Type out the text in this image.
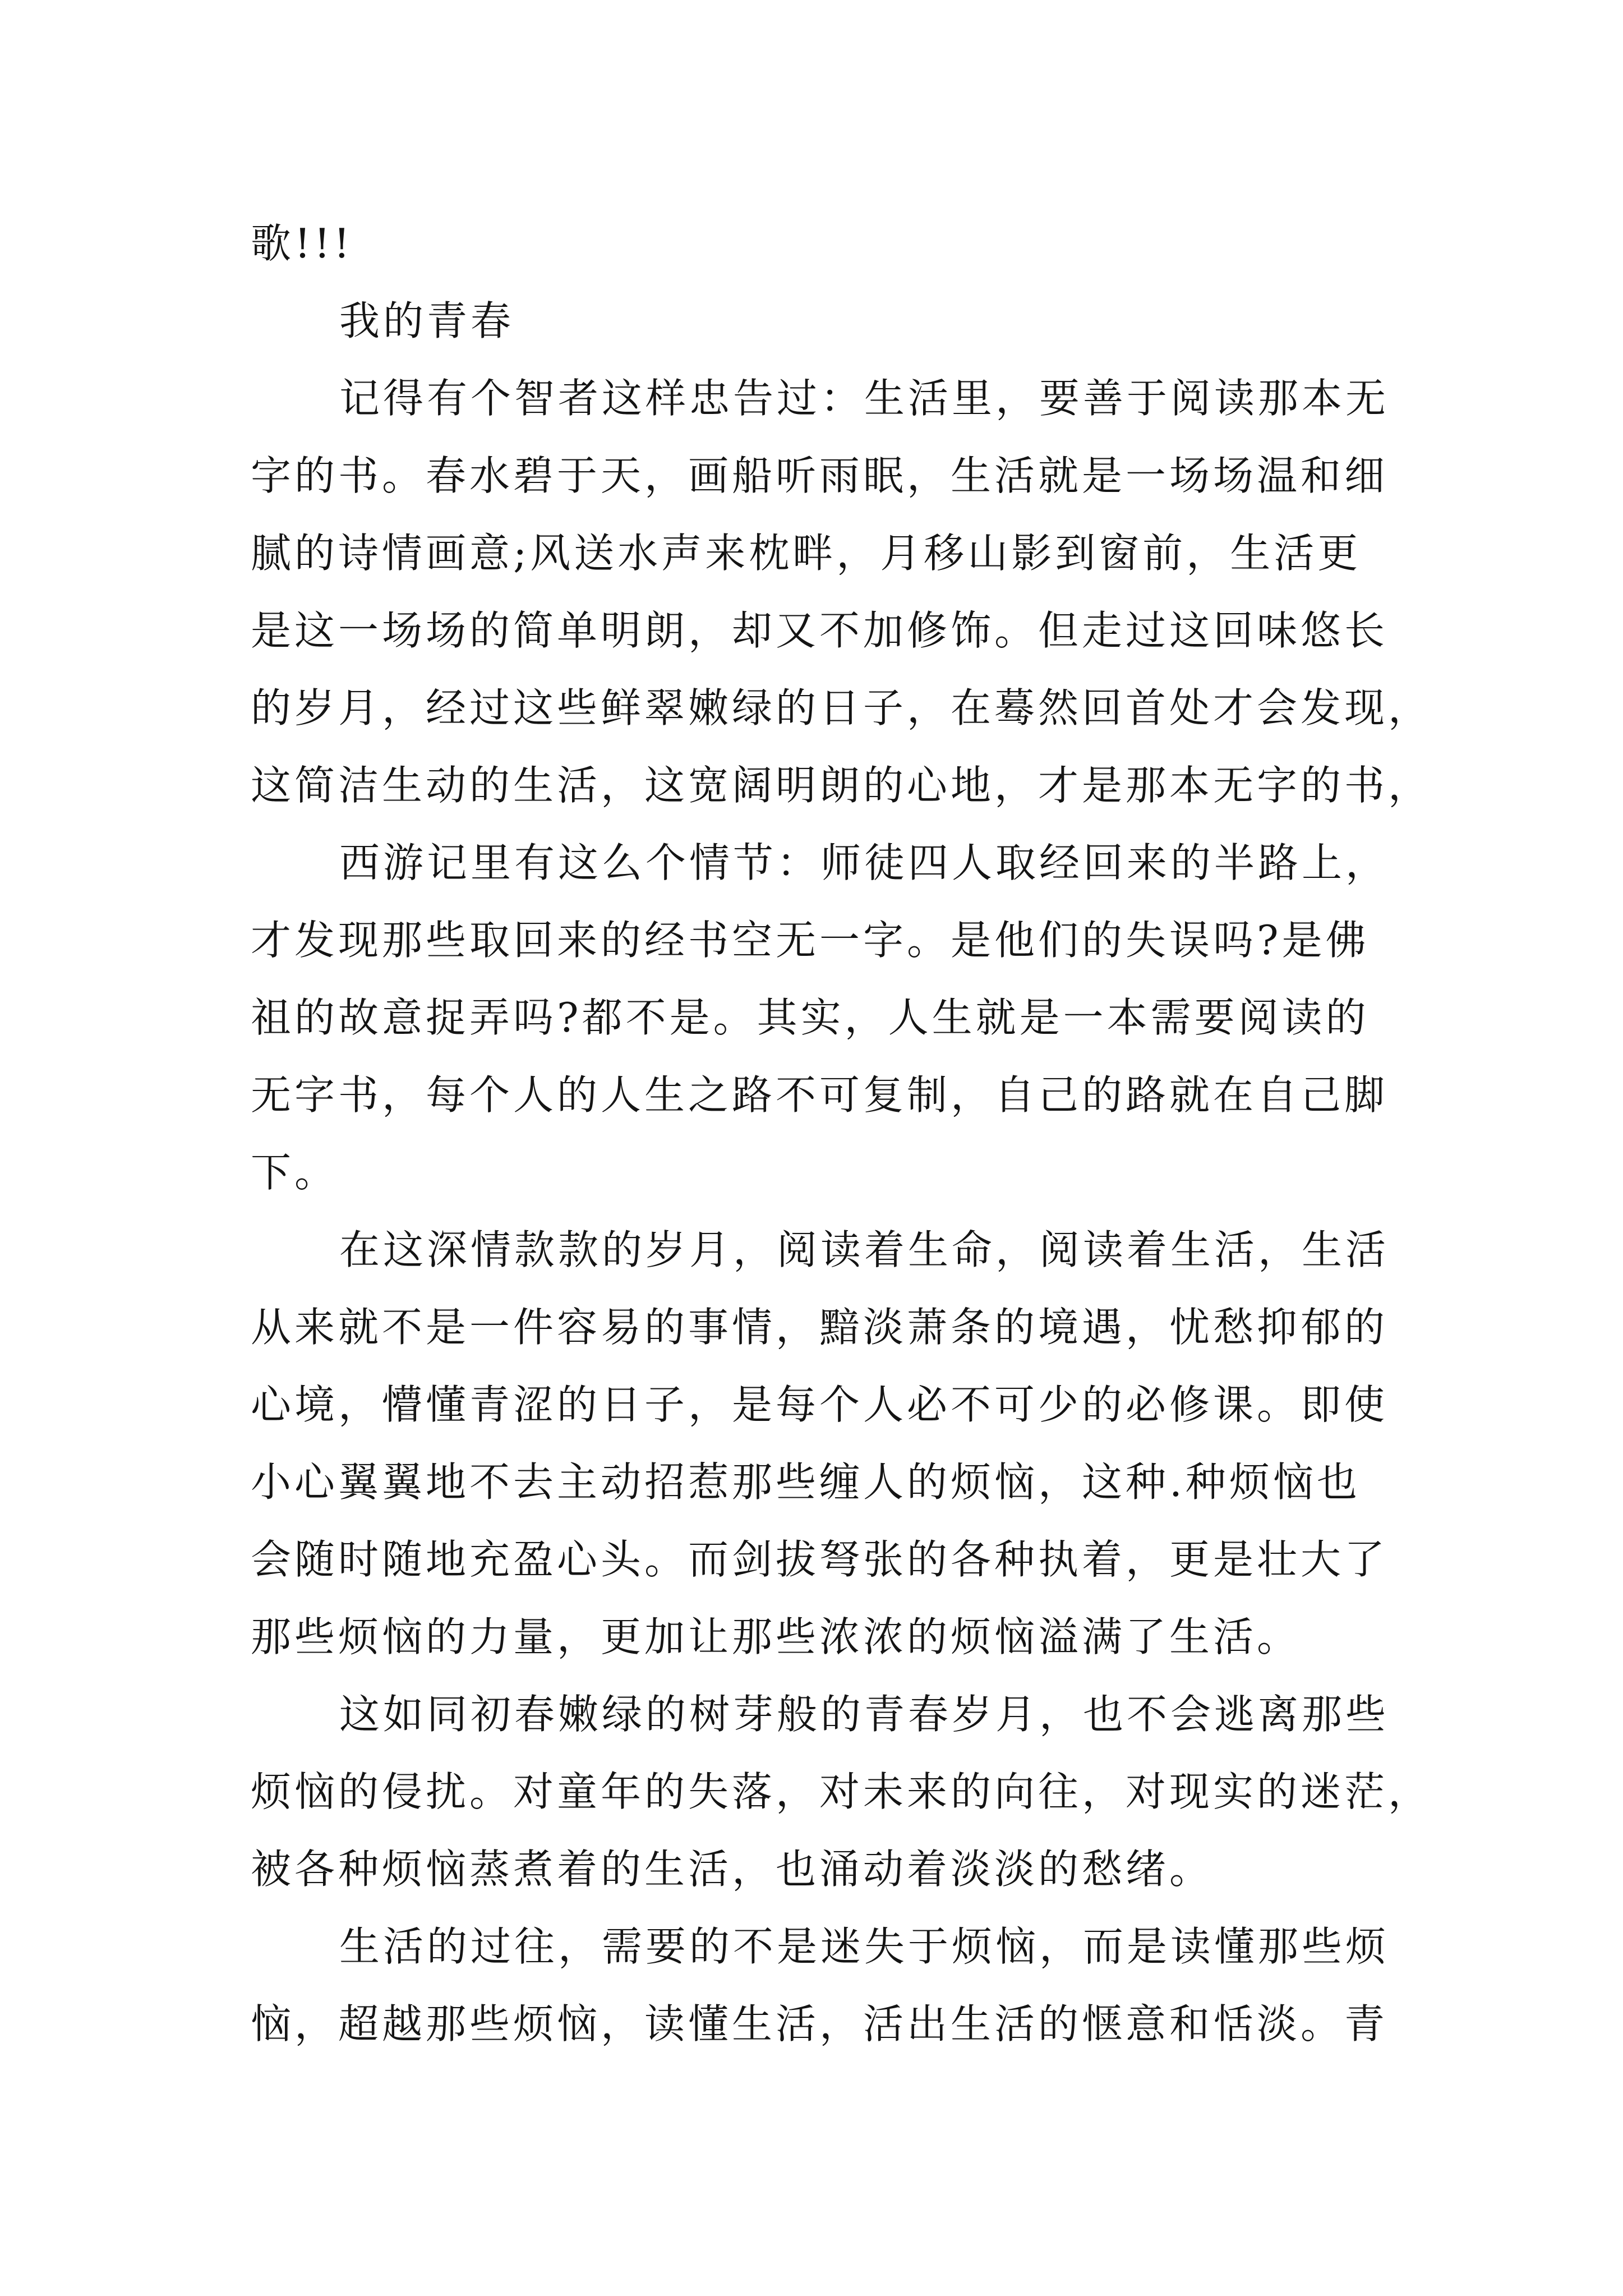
歌!!!
我的青春
记得有个智者这样忠告过：生活里，要善于阅读那本无
字的书。春水碧于天，画船听雨眠，生活就是一场场温和细
腻的诗情画意;风送水声来枕畔，月移山影到窗前，生活更
是这一场场的简单明朗，却又不加修饰。但走过这回味悠长
的岁月，经过这些鲜翠嫩绿的日子，在蓦然回首处才会发现，
这简洁生动的生活，这宽阔明朗的心地，才是那本无字的书，
西游记里有这么个情节：师徒四人取经回来的半路上，
才发现那些取回来的经书空无一字。是他们的失误吗?是佛
祖的故意捉弄吗?都不是。其实，人生就是一本需要阅读的
无字书，每个人的人生之路不可复制，自己的路就在自己脚
下。
在这深情款款的岁月，阅读着生命，阅读着生活，生活
从来就不是一件容易的事情，黯淡萧条的境遇，忧愁抑郁的
心境，懵懂青涩的日子，是每个人必不可少的必修课。即使
小心翼翼地不去主动招惹那些缠人的烦恼，这种.种烦恼也
会随时随地充盈心头。而剑拔弩张的各种执着，更是壮大了
那些烦恼的力量，更加让那些浓浓的烦恼溢满了生活。
这如同初春嫩绿的树芽般的青春岁月，也不会逃离那些
烦恼的侵扰。对童年的失落，对未来的向往，对现实的迷茫，
被各种烦恼蒸煮着的生活，也涌动着淡淡的愁绪。
生活的过往，需要的不是迷失于烦恼，而是读懂那些烦
恼，超越那些烦恼，读懂生活，活出生活的惬意和恬淡。青
